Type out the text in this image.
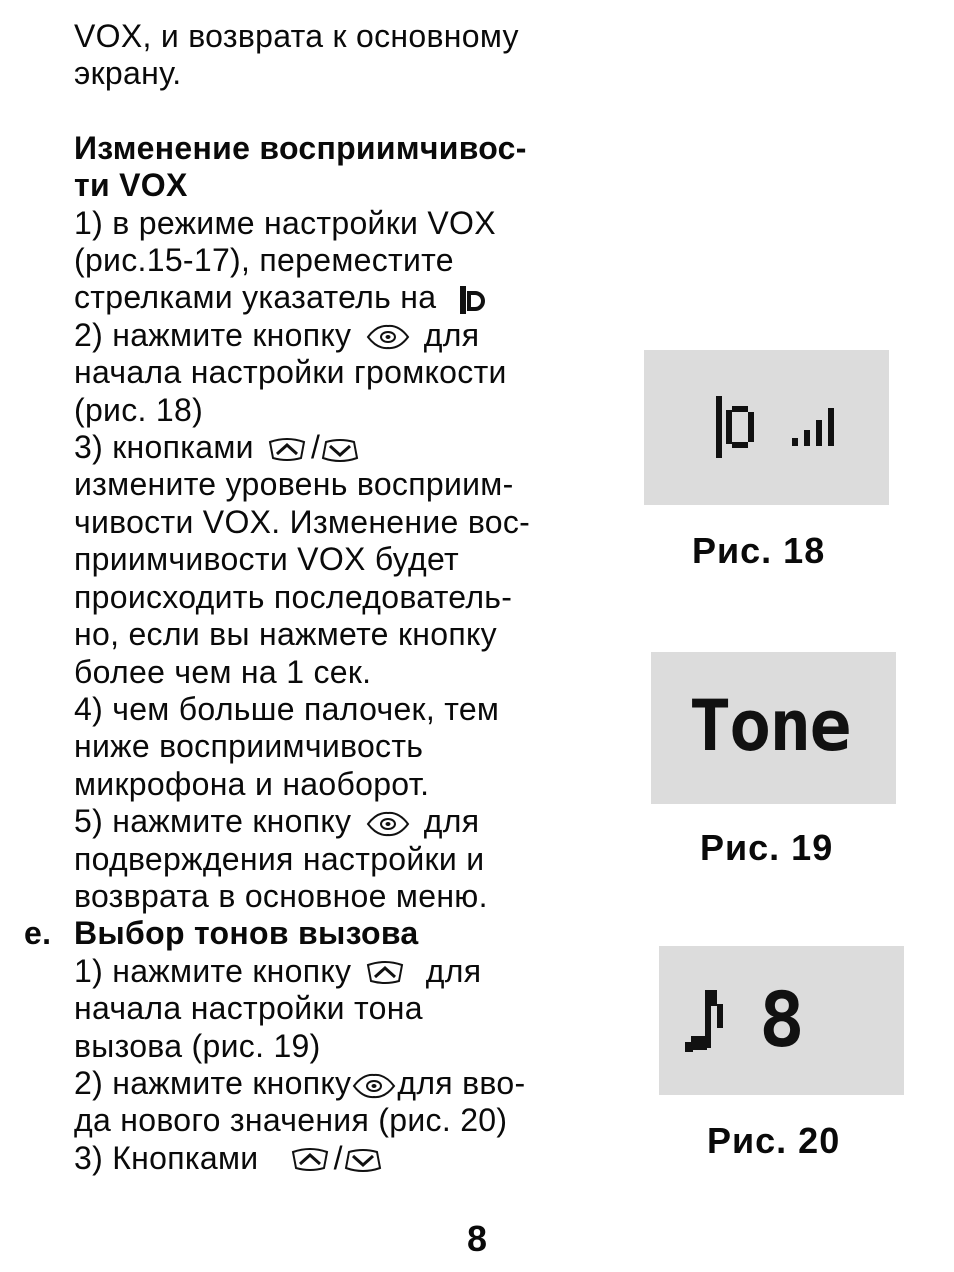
VOX, и возврата к основному
экрану.
Изменение восприимчивос-
ти VOX
1) в режиме настройки VOX
(рис.15-17), переместите
стрелками указатель на
2) нажмите кнопку для
начала настройки громкости
(рис. 18)
3) кнопками /
измените уровень восприим-
чивости VOX. Изменение вос-
приимчивости VOX будет
происходить последователь-
но, если вы нажмете кнопку
более чем на 1 сек.
4) чем больше палочек, тем
ниже восприимчивость
микрофона и наоборот.
5) нажмите кнопку для
подверждения настройки и
возврата в основное меню.
е. Выбор тонов вызова
1) нажмите кнопку для
начала настройки тона
вызова (рис. 19)
2) нажмите кнопку для вво-
да нового значения (рис. 20)
3) Кнопками /
Рис. 18
Tone
Рис. 19
8
Рис. 20
8
